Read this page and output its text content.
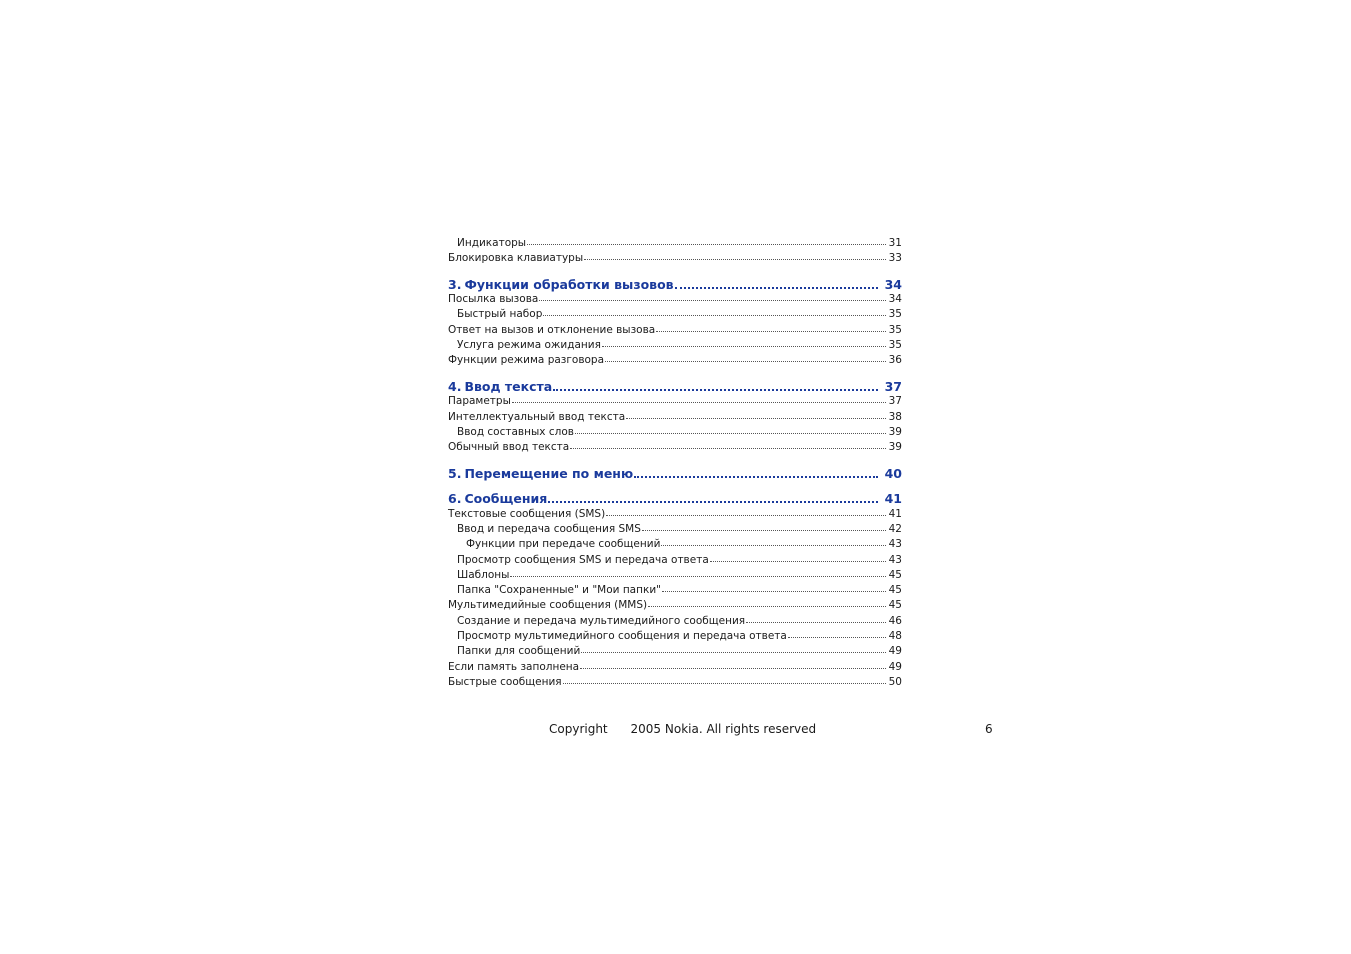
Индикаторы	31
Блокировка клавиатуры	33
3. Функции обработки вызовов	34
Посылка вызова	34
Быстрый набор	35
Ответ на вызов и отклонение вызова	35
Услуга режима ожидания	35
Функции режима разговора	36
4. Ввод текста	37
Параметры	37
Интеллектуальный ввод текста	38
Ввод составных слов	39
Обычный ввод текста	39
5. Перемещение по меню	40
6. Сообщения	41
Текстовые сообщения (SMS)	41
Ввод и передача сообщения SMS	42
Функции при передаче сообщений	43
Просмотр сообщения SMS и передача ответа	43
Шаблоны	45
Папка "Сохраненные" и "Мои папки"	45
Мультимедийные сообщения (MMS)	45
Создание и передача мультимедийного сообщения	46
Просмотр мультимедийного сообщения и передача ответа	48
Папки для сообщений	49
Если память заполнена	49
Быстрые сообщения	50
Copyright      2005 Nokia. All rights reserved	6
